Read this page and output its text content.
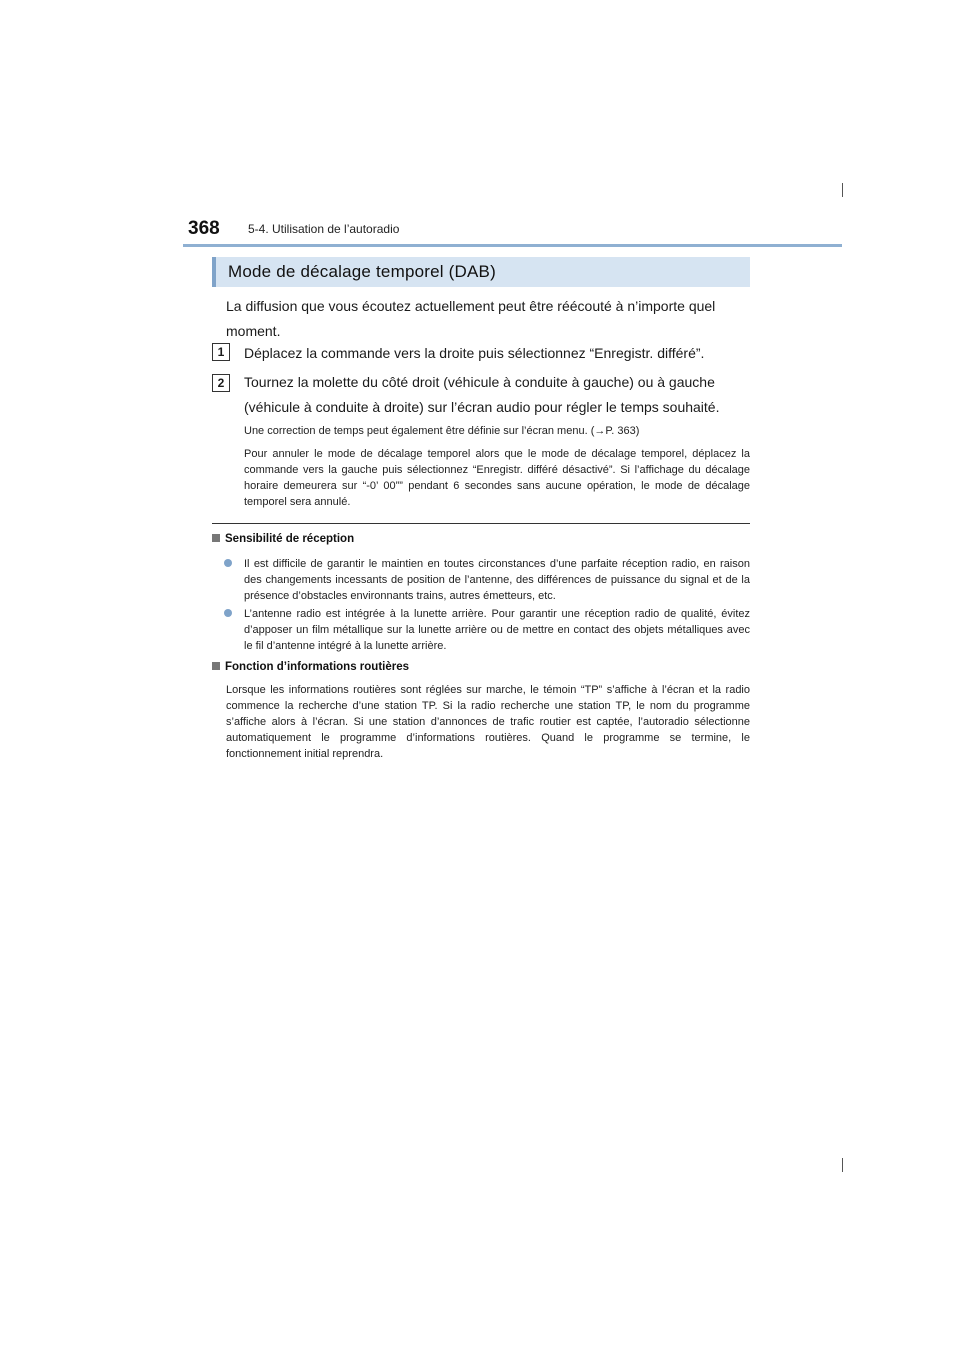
368 5-4. Utilisation de l’autoradio
Mode de décalage temporel (DAB)

La diffusion que vous écoutez actuellement peut être réécouté à n’importe quel moment.

1	Déplacez la commande vers la droite puis sélectionnez “Enregistr. différé”.

2	Tournez la molette du côté droit (véhicule à conduite à gauche) ou à gauche (véhicule à conduite à droite) sur l’écran audio pour régler le temps souhaité.

Une correction de temps peut également être définie sur l’écran menu. (→P. 363)

Pour annuler le mode de décalage temporel alors que le mode de décalage temporel, déplacez la commande vers la gauche puis sélectionnez “Enregistr. différé désactivé”. Si l’affichage du décalage horaire demeurera sur “-0’ 00”” pendant 6 secondes sans aucune opération, le mode de décalage temporel sera annulé.

Sensibilité de réception

Il est difficile de garantir le maintien en toutes circonstances d’une parfaite réception radio, en raison des changements incessants de position de l’antenne, des différences de puissance du signal et de la présence d’obstacles environnants trains, autres émetteurs, etc.

L’antenne radio est intégrée à la lunette arrière. Pour garantir une réception radio de qualité, évitez d’apposer un film métallique sur la lunette arrière ou de mettre en contact des objets métalliques avec le fil d’antenne intégré à la lunette arrière.

Fonction d’informations routières

Lorsque les informations routières sont réglées sur marche, le témoin “TP” s’affiche à l’écran et la radio commence la recherche d’une station TP. Si la radio recherche une station TP, le nom du programme s’affiche alors à l’écran. Si une station d’annonces de trafic routier est captée, l’autoradio sélectionne automatiquement le programme d’informations routières. Quand le programme se termine, le fonctionnement initial reprendra.
